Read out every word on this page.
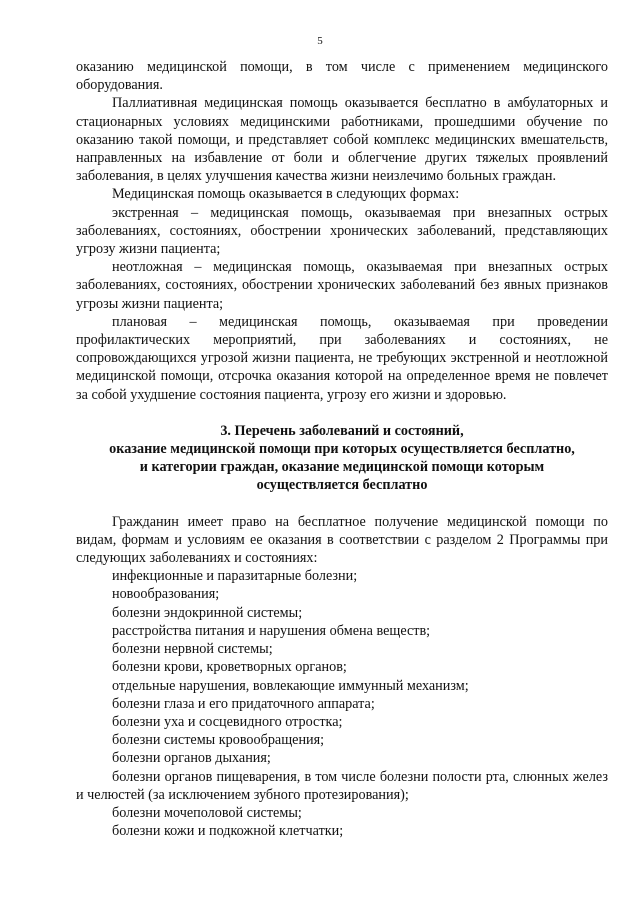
5

оказанию медицинской помощи, в том числе с применением медицинского оборудования.

Паллиативная медицинская помощь оказывается бесплатно в амбулаторных и стационарных условиях медицинскими работниками, прошедшими обучение по оказанию такой помощи, и представляет собой комплекс медицинских вмешательств, направленных на избавление от боли и облегчение других тяжелых проявлений заболевания, в целях улучшения качества жизни неизлечимо больных граждан.

Медицинская помощь оказывается в следующих формах:

экстренная – медицинская помощь, оказываемая при внезапных острых заболеваниях, состояниях, обострении хронических заболеваний, представляющих угрозу жизни пациента;

неотложная – медицинская помощь, оказываемая при внезапных острых заболеваниях, состояниях, обострении хронических заболеваний без явных признаков угрозы жизни пациента;

плановая – медицинская помощь, оказываемая при проведении профилактических мероприятий, при заболеваниях и состояниях, не сопровождающихся угрозой жизни пациента, не требующих экстренной и неотложной медицинской помощи, отсрочка оказания которой на определенное время не повлечет за собой ухудшение состояния пациента, угрозу его жизни и здоровью.

3. Перечень заболеваний и состояний,
оказание медицинской помощи при которых осуществляется бесплатно,
и категории граждан, оказание медицинской помощи которым
осуществляется бесплатно

Гражданин имеет право на бесплатное получение медицинской помощи по видам, формам и условиям ее оказания в соответствии с разделом 2 Программы при следующих заболеваниях и состояниях:

инфекционные и паразитарные болезни;

новообразования;

болезни эндокринной системы;

расстройства питания и нарушения обмена веществ;

болезни нервной системы;

болезни крови, кроветворных органов;

отдельные нарушения, вовлекающие иммунный механизм;

болезни глаза и его придаточного аппарата;

болезни уха и сосцевидного отростка;

болезни системы кровообращения;

болезни органов дыхания;

болезни органов пищеварения, в том числе болезни полости рта, слюнных желез и челюстей (за исключением зубного протезирования);

болезни мочеполовой системы;

болезни кожи и подкожной клетчатки;
